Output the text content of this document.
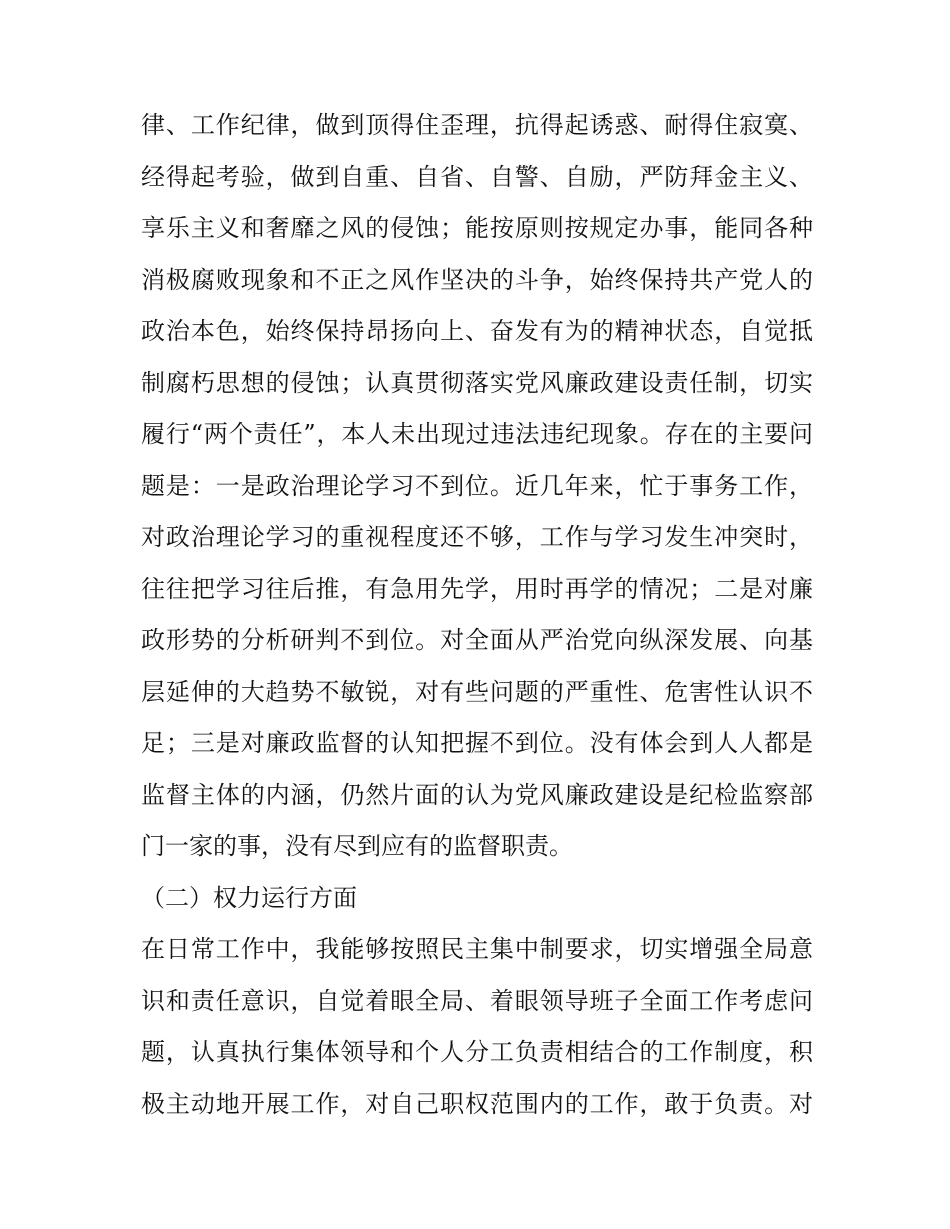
律、工作纪律，做到顶得住歪理，抗得起诱惑、耐得住寂寞、
经得起考验，做到自重、自省、自警、自励，严防拜金主义、
享乐主义和奢靡之风的侵蚀；能按原则按规定办事，能同各种
消极腐败现象和不正之风作坚决的斗争，始终保持共产党人的
政治本色，始终保持昂扬向上、奋发有为的精神状态，自觉抵
制腐朽思想的侵蚀；认真贯彻落实党风廉政建设责任制，切实
履行“两个责任”，本人未出现过违法违纪现象。存在的主要问
题是：一是政治理论学习不到位。近几年来，忙于事务工作，
对政治理论学习的重视程度还不够，工作与学习发生冲突时，
往往把学习往后推，有急用先学，用时再学的情况；二是对廉
政形势的分析研判不到位。对全面从严治党向纵深发展、向基
层延伸的大趋势不敏锐，对有些问题的严重性、危害性认识不
足；三是对廉政监督的认知把握不到位。没有体会到人人都是
监督主体的内涵，仍然片面的认为党风廉政建设是纪检监察部
门一家的事，没有尽到应有的监督职责。
（二）权力运行方面
在日常工作中，我能够按照民主集中制要求，切实增强全局意
识和责任意识，自觉着眼全局、着眼领导班子全面工作考虑问
题，认真执行集体领导和个人分工负责相结合的工作制度，积
极主动地开展工作，对自己职权范围内的工作，敢于负责。对
